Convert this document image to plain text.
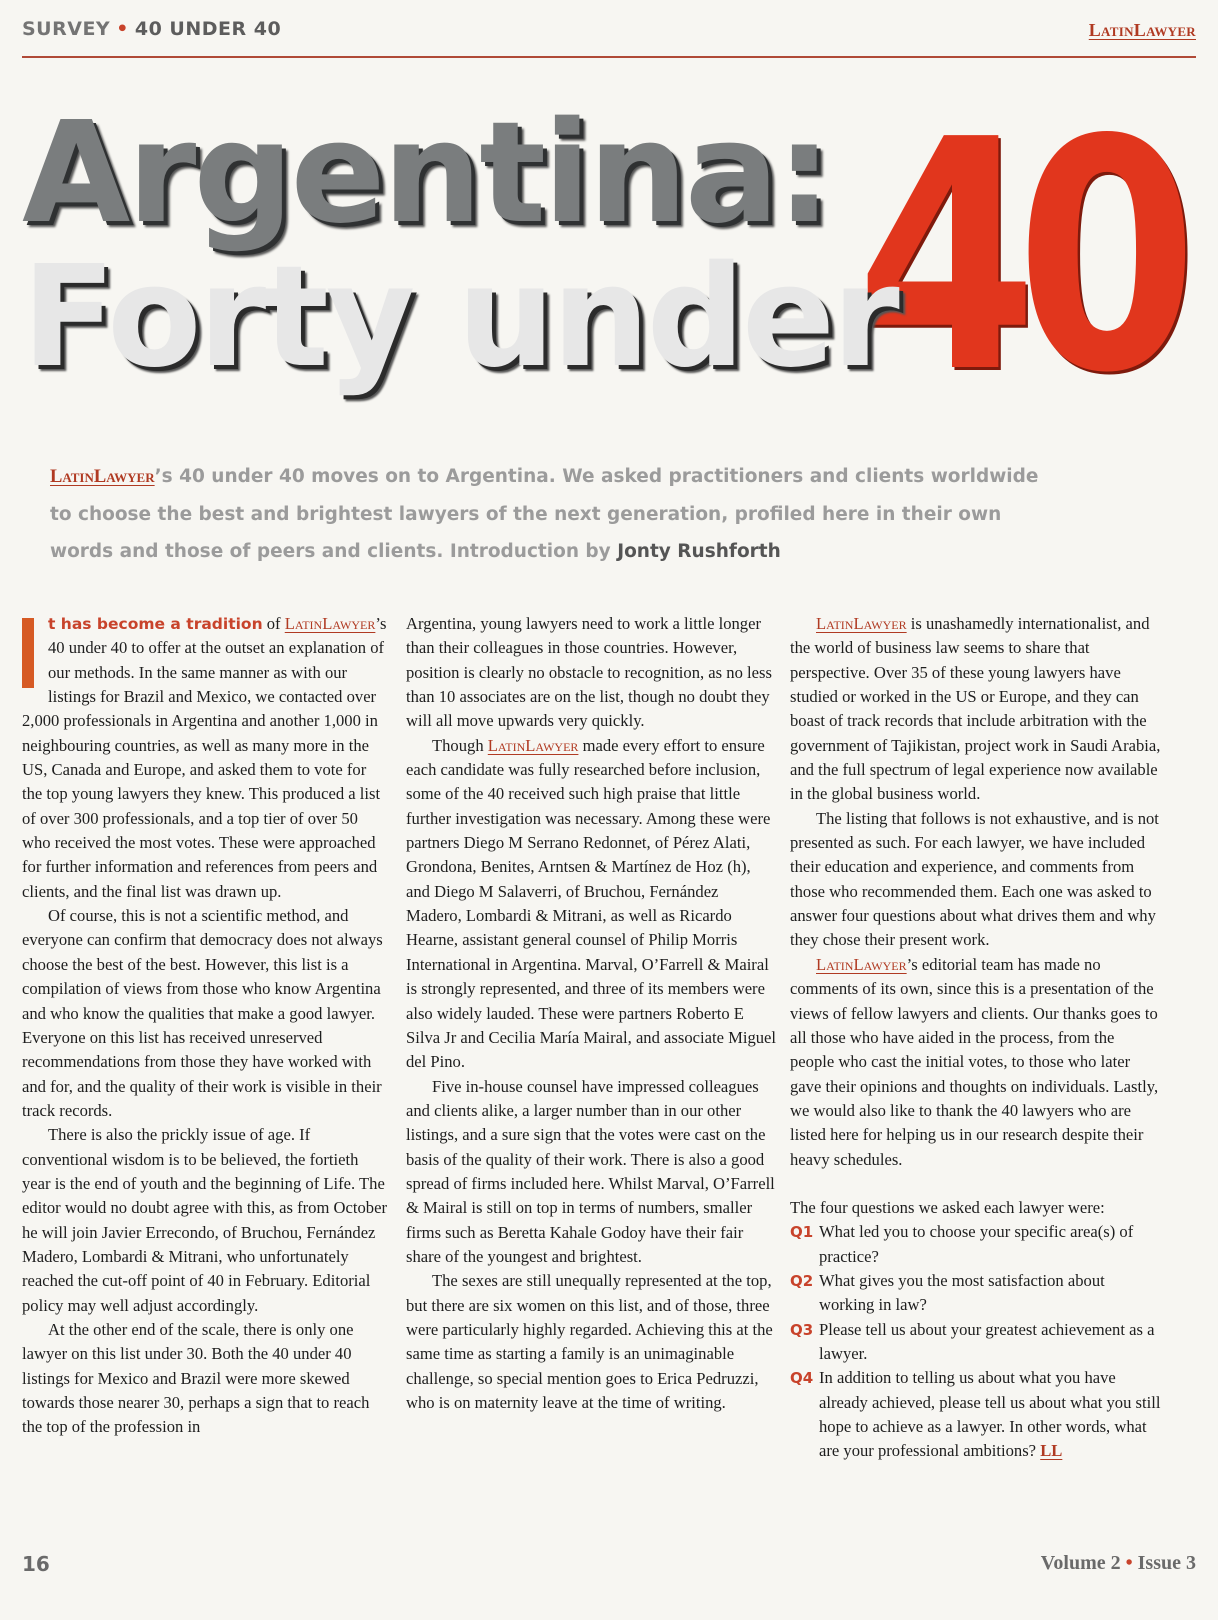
SURVEY • 40 UNDER 40	LatinLawyer
40
Argentina:
Forty under
LatinLawyer’s 40 under 40 moves on to Argentina. We asked practitioners and clients worldwide to choose the best and brightest lawyers of the next generation, profiled here in their own words and those of peers and clients. Introduction by Jonty Rushforth

t has become a tradition of LatinLawyer’s 40 under 40 to offer at the outset an explanation of our methods. In the same manner as with our listings for Brazil and Mexico, we contacted over 2,000 professionals in Argentina and another 1,000 in neighbouring countries, as well as many more in the US, Canada and Europe, and asked them to vote for the top young lawyers they knew. This produced a list of over 300 professionals, and a top tier of over 50 who received the most votes. These were approached for further information and references from peers and clients, and the final list was drawn up.

Of course, this is not a scientific method, and everyone can confirm that democracy does not always choose the best of the best. However, this list is a compilation of views from those who know Argentina and who know the qualities that make a good lawyer. Everyone on this list has received unreserved recommendations from those they have worked with and for, and the quality of their work is visible in their track records.

There is also the prickly issue of age. If conventional wisdom is to be believed, the fortieth year is the end of youth and the beginning of Life. The editor would no doubt agree with this, as from October he will join Javier Errecondo, of Bruchou, Fernández Madero, Lombardi & Mitrani, who unfortunately reached the cut-off point of 40 in February. Editorial policy may well adjust accordingly.

At the other end of the scale, there is only one lawyer on this list under 30. Both the 40 under 40 listings for Mexico and Brazil were more skewed towards those nearer 30, perhaps a sign that to reach the top of the profession in

Argentina, young lawyers need to work a little longer than their colleagues in those countries. However, position is clearly no obstacle to recognition, as no less than 10 associates are on the list, though no doubt they will all move upwards very quickly.

Though LatinLawyer made every effort to ensure each candidate was fully researched before inclusion, some of the 40 received such high praise that little further investigation was necessary. Among these were partners Diego M Serrano Redonnet, of Pérez Alati, Grondona, Benites, Arntsen & Martínez de Hoz (h), and Diego M Salaverri, of Bruchou, Fernández Madero, Lombardi & Mitrani, as well as Ricardo Hearne, assistant general counsel of Philip Morris International in Argentina. Marval, O’Farrell & Mairal is strongly represented, and three of its members were also widely lauded. These were partners Roberto E Silva Jr and Cecilia María Mairal, and associate Miguel del Pino.

Five in-house counsel have impressed colleagues and clients alike, a larger number than in our other listings, and a sure sign that the votes were cast on the basis of the quality of their work. There is also a good spread of firms included here. Whilst Marval, O’Farrell & Mairal is still on top in terms of numbers, smaller firms such as Beretta Kahale Godoy have their fair share of the youngest and brightest.

The sexes are still unequally represented at the top, but there are six women on this list, and of those, three were particularly highly regarded. Achieving this at the same time as starting a family is an unimaginable challenge, so special mention goes to Erica Pedruzzi, who is on maternity leave at the time of writing.

LatinLawyer is unashamedly internationalist, and the world of business law seems to share that perspective. Over 35 of these young lawyers have studied or worked in the US or Europe, and they can boast of track records that include arbitration with the government of Tajikistan, project work in Saudi Arabia, and the full spectrum of legal experience now available in the global business world.

The listing that follows is not exhaustive, and is not presented as such. For each lawyer, we have included their education and experience, and comments from those who recommended them. Each one was asked to answer four questions about what drives them and why they chose their present work.

LatinLawyer’s editorial team has made no comments of its own, since this is a presentation of the views of fellow lawyers and clients. Our thanks goes to all those who have aided in the process, from the people who cast the initial votes, to those who later gave their opinions and thoughts on individuals. Lastly, we would also like to thank the 40 lawyers who are listed here for helping us in our research despite their heavy schedules.

The four questions we asked each lawyer were:
Q1 What led you to choose your specific area(s) of practice?
Q2 What gives you the most satisfaction about working in law?
Q3 Please tell us about your greatest achievement as a lawyer.
Q4 In addition to telling us about what you have already achieved, please tell us about what you still hope to achieve as a lawyer. In other words, what are your professional ambitions? LL
16	Volume 2 • Issue 3
